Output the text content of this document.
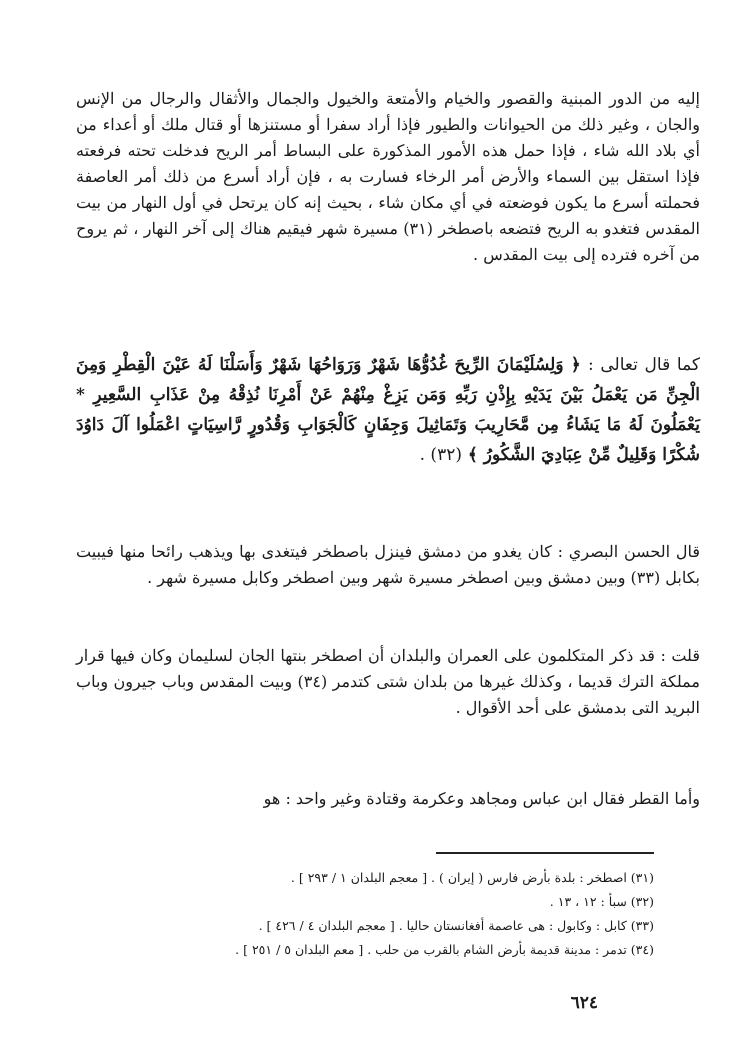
إليه من الدور المبنية والقصور والخيام والأمتعة والخيول والجمال والأثقال والرجال من الإنس والجان ، وغير ذلك من الحيوانات والطيور فإذا أراد سفرا أو مستنزها أو قتال ملك أو أعداء من أي بلاد الله شاء ، فإذا حمل هذه الأمور المذكورة على البساط أمر الريح فدخلت تحته فرفعته فإذا استقل بين السماء والأرض أمر الرخاء فسارت به ، فإن أراد أسرع من ذلك أمر العاصفة فحملته أسرع ما يكون فوضعته في أي مكان شاء ، بحيث إنه كان يرتحل في أول النهار من بيت المقدس فتغدو به الريح فتضعه باصطخر (٣١) مسيرة شهر فيقيم هناك إلى آخر النهار ، ثم يروح من آخره فترده إلى بيت المقدس .

كما قال تعالى : ﴿ وَلِسُلَيْمَانَ الرِّيحَ غُدُوُّهَا شَهْرٌ وَرَوَاحُهَا شَهْرٌ وَأَسَلْنَا لَهُ عَيْنَ الْقِطْرِ وَمِنَ الْجِنِّ مَن يَعْمَلُ بَيْنَ يَدَيْهِ بِإِذْنِ رَبِّهِ وَمَن يَزِغْ مِنْهُمْ عَنْ أَمْرِنَا نُذِقْهُ مِنْ عَذَابِ السَّعِيرِ * يَعْمَلُونَ لَهُ مَا يَشَاءُ مِن مَّحَارِيبَ وَتَمَاثِيلَ وَجِفَانٍ كَالْجَوَابِ وَقُدُورٍ رَّاسِيَاتٍ اعْمَلُوا آلَ دَاوُدَ شُكْرًا وَقَلِيلٌ مِّنْ عِبَادِيَ الشَّكُورُ ﴾ (٣٢) .

قال الحسن البصري : كان يغدو من دمشق فينزل باصطخر فيتغدى بها ويذهب رائحا منها فيبيت بكابل (٣٣) وبين دمشق وبين اصطخر مسيرة شهر وبين اصطخر وكابل مسيرة شهر .

قلت : قد ذكر المتكلمون على العمران والبلدان أن اصطخر بنتها الجان لسليمان وكان فيها قرار مملكة الترك قديما ، وكذلك غيرها من بلدان شتى كتدمر (٣٤) وبيت المقدس وباب جيرون وباب البريد التى بدمشق على أحد الأقوال .

وأما القطر فقال ابن عباس ومجاهد وعكرمة وقتادة وغير واحد : هو

(٣١) اصطخر : بلدة بأرض فارس ( إيران ) . [ معجم البلدان ١ / ٢٩٣ ] .
(٣٢) سبأ : ١٢ ، ١٣ .
(٣٣) كابل : وكابول : هى عاصمة أفغانستان حاليا . [ معجم البلدان ٤ / ٤٢٦ ] .
(٣٤) تدمر : مدينة قديمة بأرض الشام بالقرب من حلب . [ معم البلدان ٥ / ٢٥١ ] .
٦٢٤
